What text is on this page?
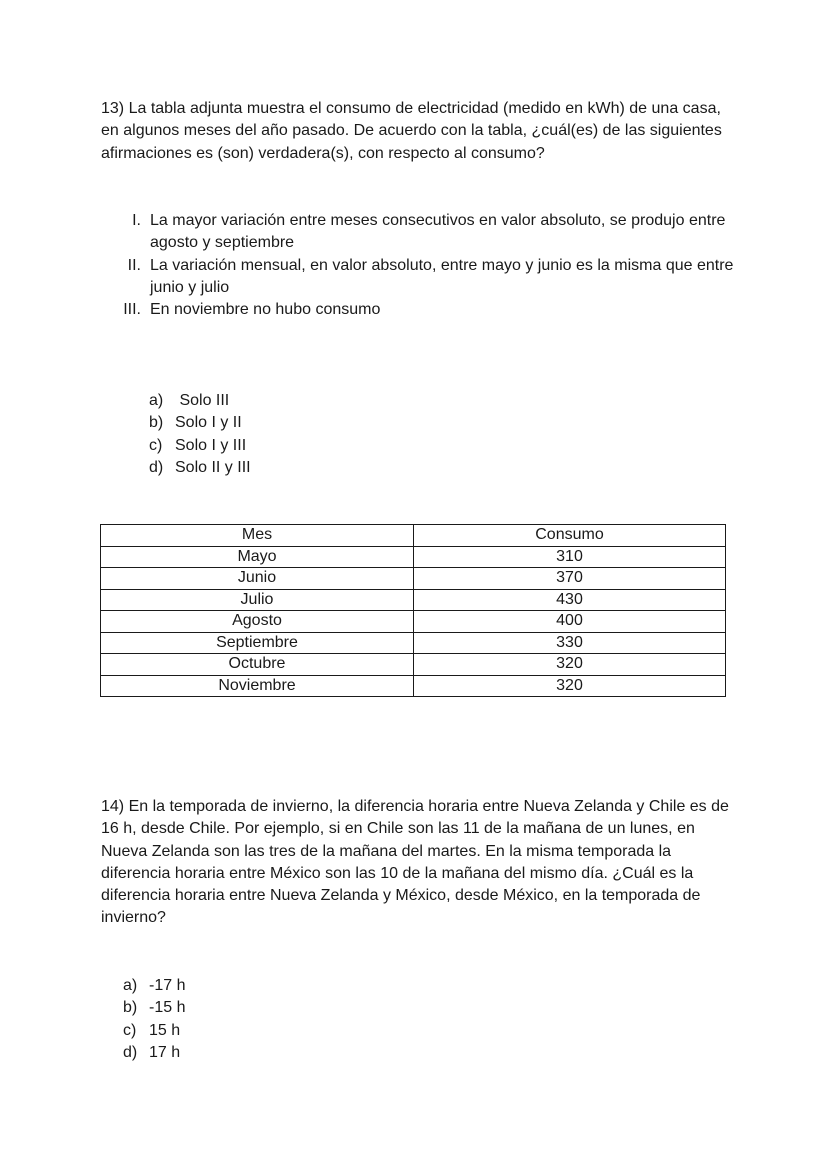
13) La tabla adjunta muestra el consumo de electricidad (medido en kWh) de una casa, en algunos meses del año pasado. De acuerdo con la tabla, ¿cuál(es) de las siguientes afirmaciones es (son) verdadera(s), con respecto al consumo?

I. La mayor variación entre meses consecutivos en valor absoluto, se produjo entre agosto y septiembre
II. La variación mensual, en valor absoluto, entre mayo y junio es la misma que entre junio y julio
III. En noviembre no hubo consumo
a) Solo III
b) Solo I y II
c) Solo I y III
d) Solo II y III
Mes	Consumo
Mayo	310
Junio	370
Julio	430
Agosto	400
Septiembre	330
Octubre	320
Noviembre	320

14) En la temporada de invierno, la diferencia horaria entre Nueva Zelanda y Chile es de 16 h, desde Chile. Por ejemplo, si en Chile son las 11 de la mañana de un lunes, en Nueva Zelanda son las tres de la mañana del martes. En la misma temporada la diferencia horaria entre México son las 10 de la mañana del mismo día. ¿Cuál es la diferencia horaria entre Nueva Zelanda y México, desde México, en la temporada de invierno?

a) -17 h
b) -15 h
c) 15 h
d) 17 h
